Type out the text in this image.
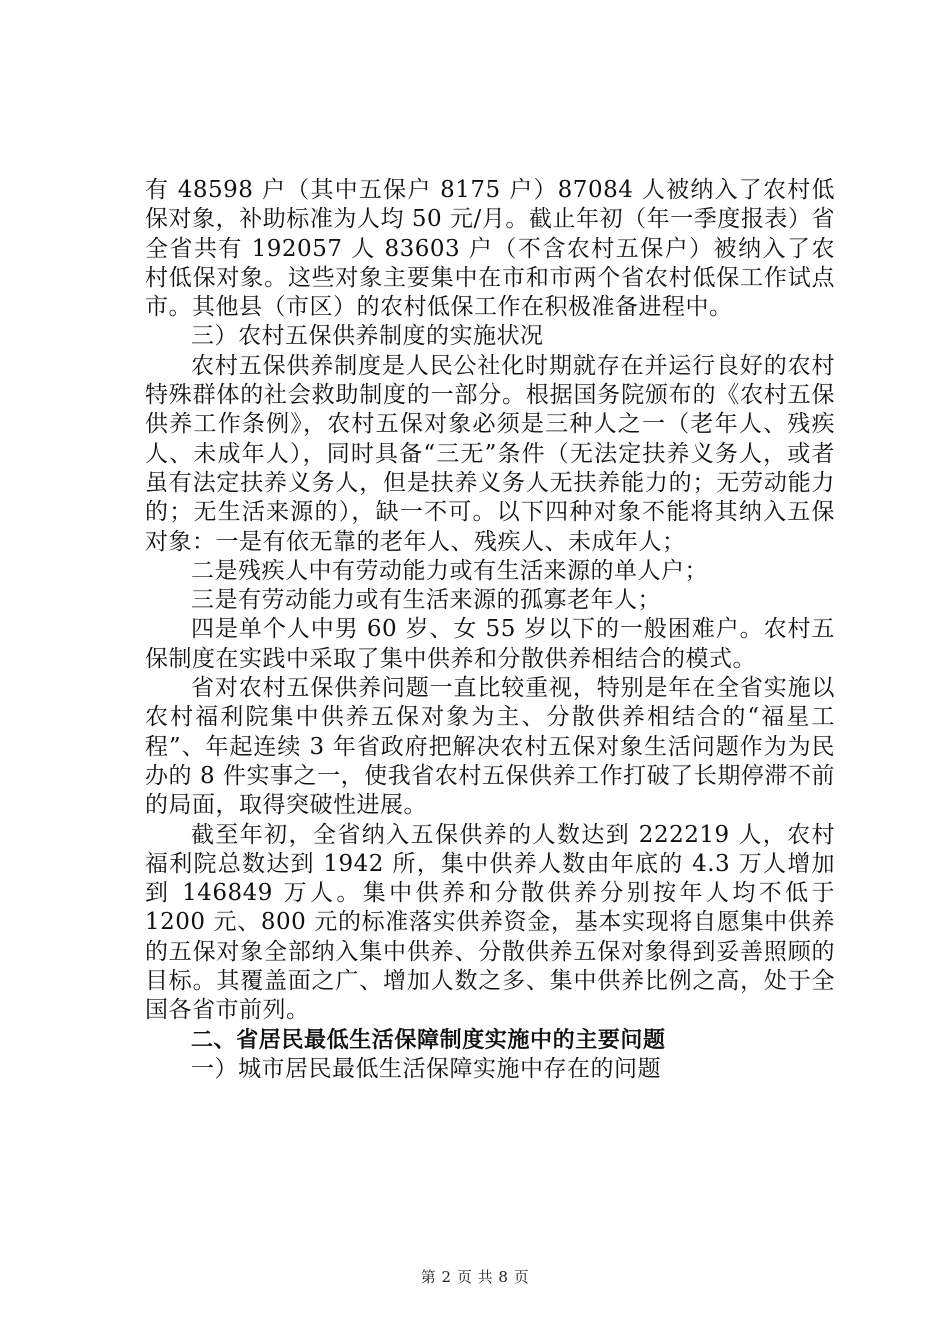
有 48598 户（其中五保户 8175 户）87084 人被纳入了农村低保对象，补助标准为人均 50 元/月。截止年初（年一季度报表）省全省共有 192057 人 83603 户（不含农村五保户）被纳入了农村低保对象。这些对象主要集中在市和市两个省农村低保工作试点市。其他县（市区）的农村低保工作在积极准备进程中。

三）农村五保供养制度的实施状况

农村五保供养制度是人民公社化时期就存在并运行良好的农村特殊群体的社会救助制度的一部分。根据国务院颁布的《农村五保供养工作条例》，农村五保对象必须是三种人之一（老年人、残疾人、未成年人），同时具备“三无”条件（无法定扶养义务人，或者虽有法定扶养义务人，但是扶养义务人无扶养能力的；无劳动能力的；无生活来源的），缺一不可。以下四种对象不能将其纳入五保对象：一是有依无靠的老年人、残疾人、未成年人；

二是残疾人中有劳动能力或有生活来源的单人户；

三是有劳动能力或有生活来源的孤寡老年人；

四是单个人中男 60 岁、女 55 岁以下的一般困难户。农村五保制度在实践中采取了集中供养和分散供养相结合的模式。

省对农村五保供养问题一直比较重视，特别是年在全省实施以农村福利院集中供养五保对象为主、分散供养相结合的“福星工程”、年起连续 3 年省政府把解决农村五保对象生活问题作为为民办的 8 件实事之一，使我省农村五保供养工作打破了长期停滞不前的局面，取得突破性进展。

截至年初，全省纳入五保供养的人数达到 222219 人，农村福利院总数达到 1942 所，集中供养人数由年底的 4.3 万人增加到 146849 万人。集中供养和分散供养分别按年人均不低于 1200 元、800 元的标准落实供养资金，基本实现将自愿集中供养的五保对象全部纳入集中供养、分散供养五保对象得到妥善照顾的目标。其覆盖面之广、增加人数之多、集中供养比例之高，处于全国各省市前列。

二、省居民最低生活保障制度实施中的主要问题

一）城市居民最低生活保障实施中存在的问题

第 2 页 共 8 页
